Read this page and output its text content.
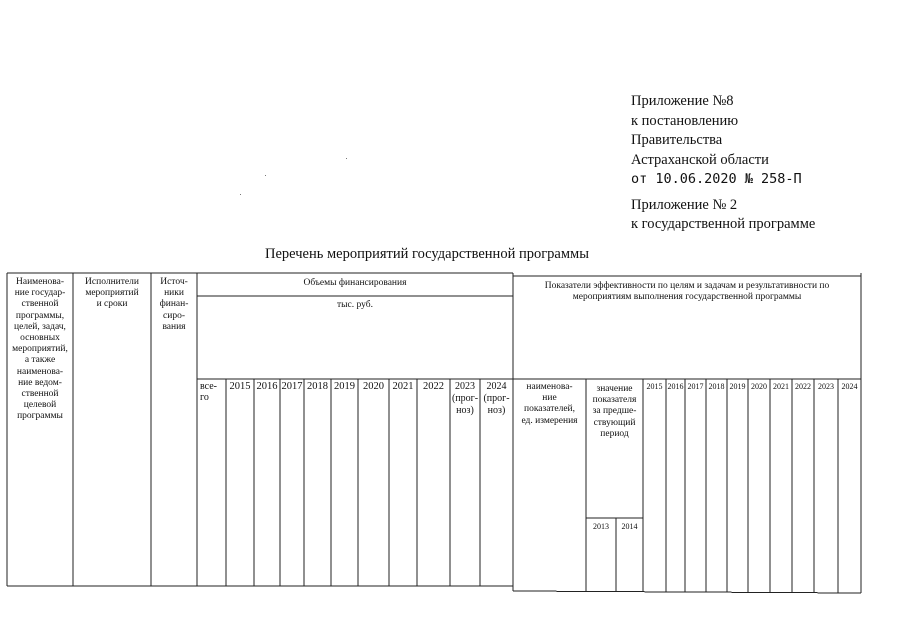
Приложение №8
к постановлению
Правительства
Астраханской области
от 10.06.2020 № 258-П
Приложение № 2
к государственной программе
Перечень мероприятий государственной программы
Наименова-
ние государ-
ственной
программы,
целей, задач,
основных
мероприятий,
а также
наименова-
ние ведом-
ственной
целевой
программы
Исполнители
мероприятий
и сроки
Источ-
ники
финан-
сиро-
вания
Объемы финансирования
тыс. руб.
все-
го
2015 2016 2017 2018 2019 2020 2021 2022	2023
(прог-
ноз)
2024
(прог-
ноз)
Показатели эффективности по целям и задачам и результативности по
мероприятиям выполнения государственной программы
наименова-
ние
показателей,
ед. измерения
значение
показателя
за предше-
ствующий
период
2013	2014
2015 2016 2017 2018 2019 2020 2021 2022 2023 2024
